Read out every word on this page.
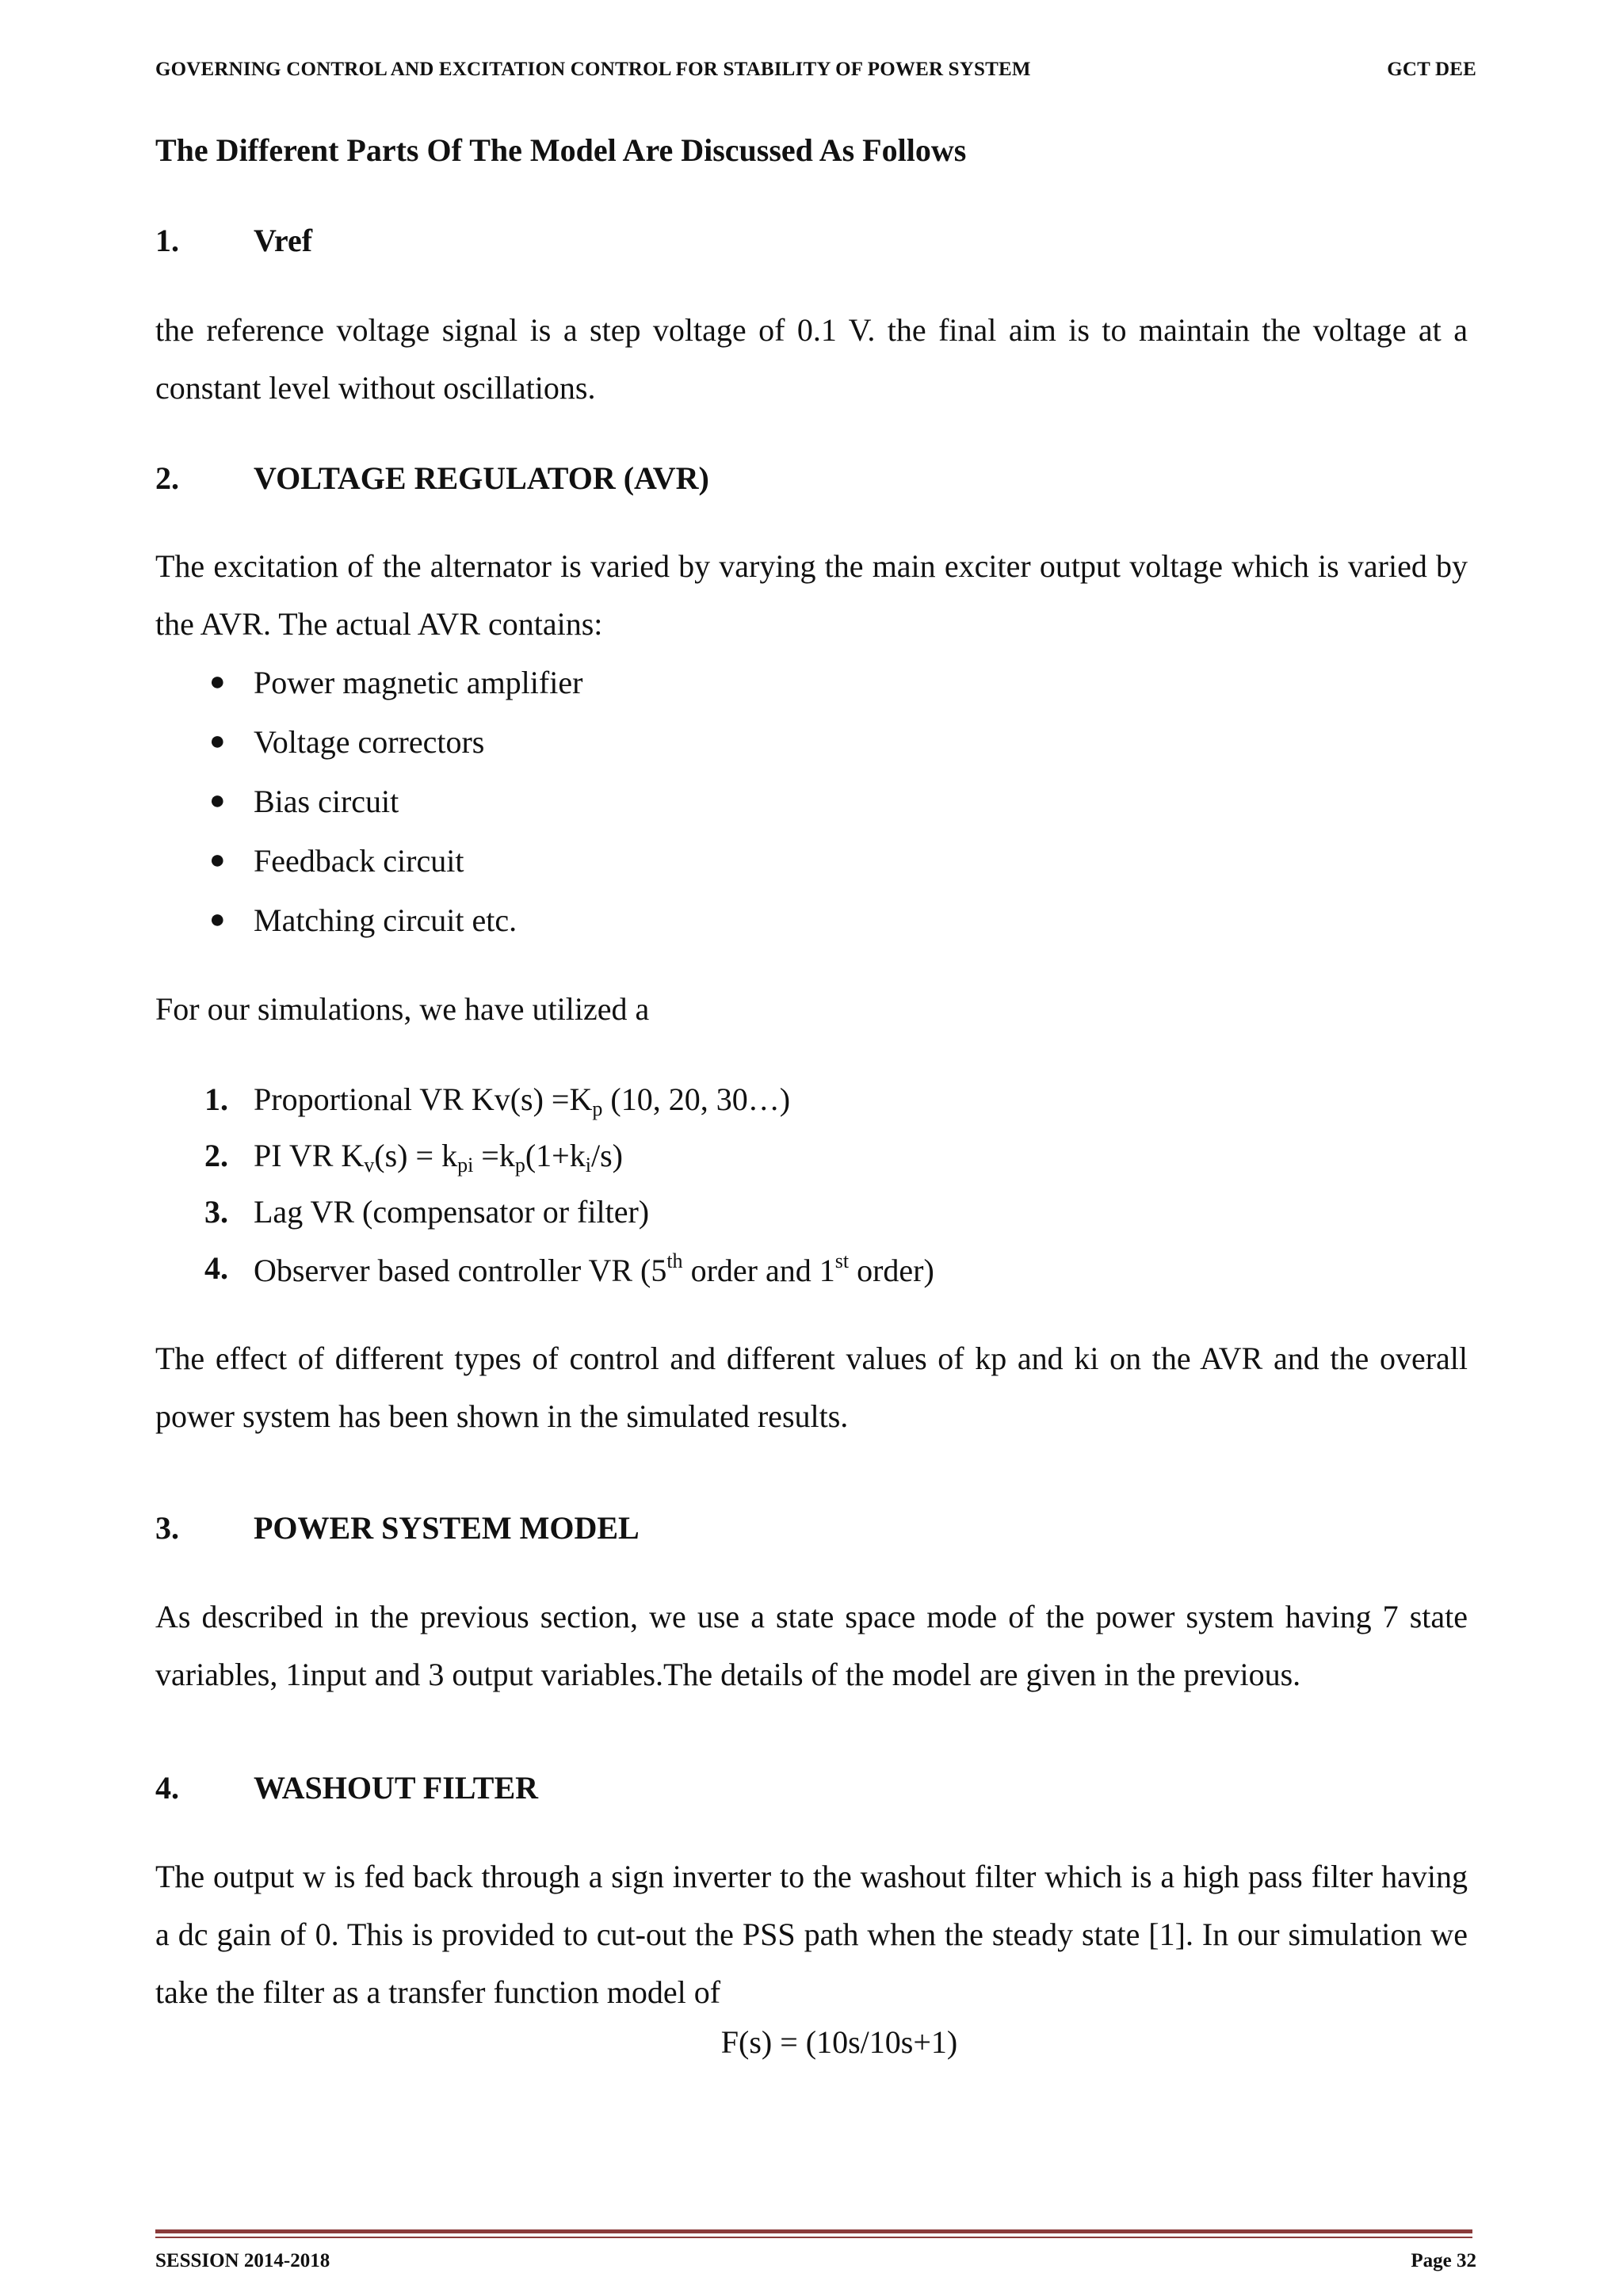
GOVERNING CONTROL AND EXCITATION CONTROL FOR STABILITY OF POWER SYSTEM	GCT DEE
The Different Parts Of The Model Are Discussed As Follows
1. Vref
the reference voltage signal is a step voltage of 0.1 V. the final aim is to maintain the voltage at a constant level without oscillations.
2. VOLTAGE REGULATOR (AVR)
The excitation of the alternator is varied by varying the main exciter output voltage which is varied by the AVR. The actual AVR contains:
● Power magnetic amplifier
● Voltage correctors
● Bias circuit
● Feedback circuit
● Matching circuit etc.
For our simulations, we have utilized a
1. Proportional VR $Kv(s) =K_p$ (10, 20, 30…)
2. PI VR $K_v(s) = k_{pi} =k_p(1+k_i/s)$
3. Lag VR (compensator or filter)
4. Observer based controller VR (5th order and 1st order)
The effect of different types of control and different values of kp and ki on the AVR and the overall power system has been shown in the simulated results.
3. POWER SYSTEM MODEL
As described in the previous section, we use a state space mode of the power system having 7 state variables, 1input and 3 output variables.The details of the model are given in the previous.
4. WASHOUT FILTER
The output w is fed back through a sign inverter to the washout filter which is a high pass filter having a dc gain of 0. This is provided to cut-out the PSS path when the steady state [1]. In our simulation we take the filter as a transfer function model of
F(s) = (10s/10s+1)
SESSION 2014-2018	Page 32
